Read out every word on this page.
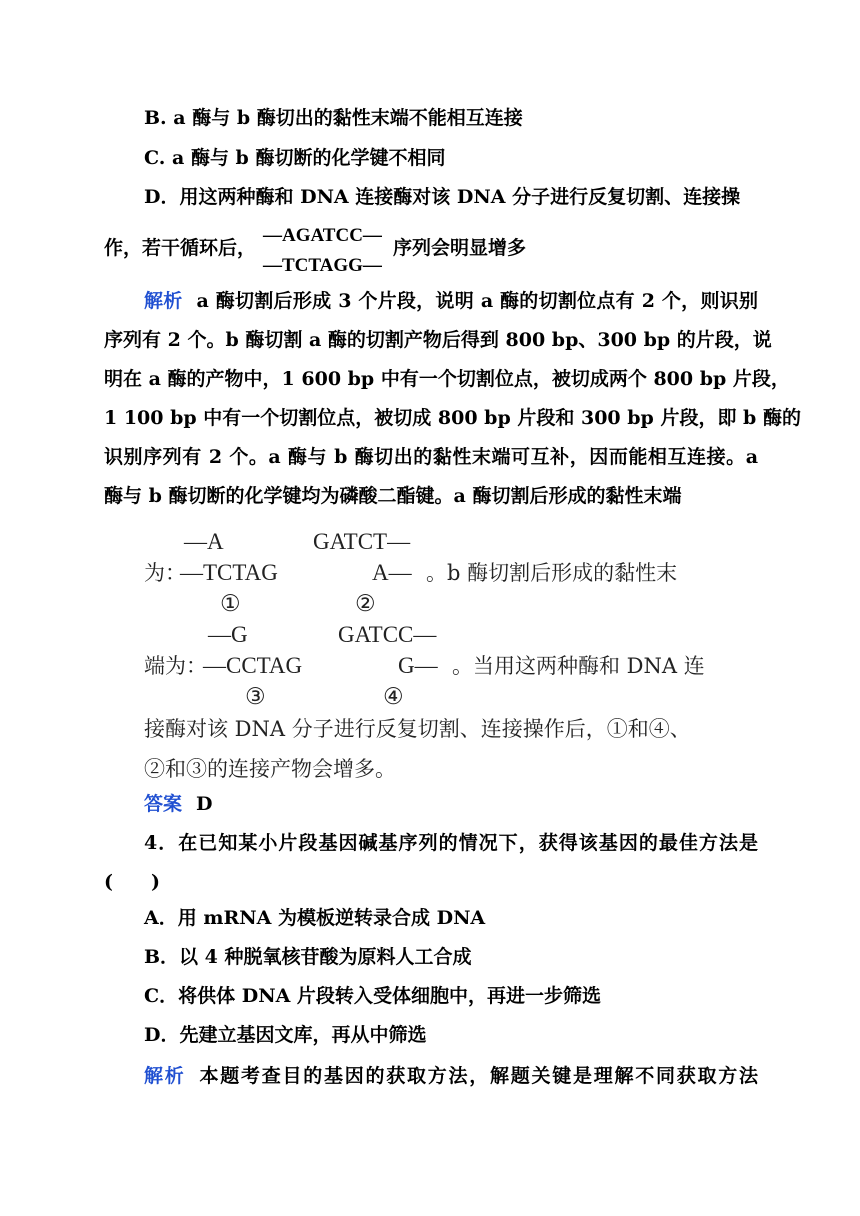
B. a 酶与 b 酶切出的黏性末端不能相互连接
C. a 酶与 b 酶切断的化学键不相同
D．用这两种酶和 DNA 连接酶对该 DNA 分子进行反复切割、连接操
作，若干循环后，
—AGATCC—
—TCTAGG—
序列会明显增多
解析 a 酶切割后形成 3 个片段，说明 a 酶的切割位点有 2 个，则识别
序列有 2 个。b 酶切割 a 酶的切割产物后得到 800 bp、300 bp 的片段，说
明在 a 酶的产物中，1 600 bp 中有一个切割位点，被切成两个 800 bp 片段，
1 100 bp 中有一个切割位点，被切成 800 bp 片段和 300 bp 片段，即 b 酶的
识别序列有 2 个。a 酶与 b 酶切出的黏性末端可互补，因而能相互连接。a
酶与 b 酶切断的化学键均为磷酸二酯键。a 酶切割后形成的黏性末端
—A	GATCT—
为：
—TCTAG	A— 。b 酶切割后形成的黏性末
①	②
—G	GATCC—
端为：
—CCTAG	G— 。当用这两种酶和 DNA 连
③	④
接酶对该 DNA 分子进行反复切割、连接操作后，①和④、
②和③的连接产物会增多。
答案 D
4．在已知某小片段基因碱基序列的情况下，获得该基因的最佳方法是
(　　)
A．用 mRNA 为模板逆转录合成 DNA
B．以 4 种脱氧核苷酸为原料人工合成
C．将供体 DNA 片段转入受体细胞中，再进一步筛选
D．先建立基因文库，再从中筛选
解析 本题考查目的基因的获取方法，解题关键是理解不同获取方法
